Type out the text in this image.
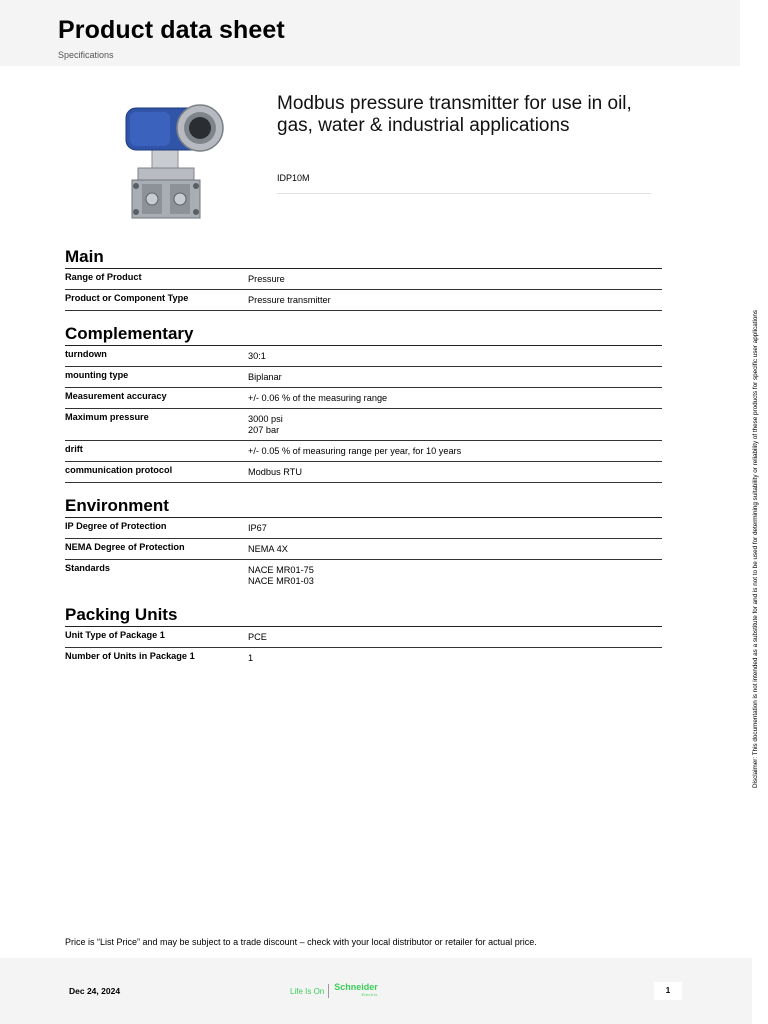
Product data sheet
Specifications
Modbus pressure transmitter for use in oil, gas, water & industrial applications
IDP10M
Main
Range of Product	Pressure
Product or Component Type	Pressure transmitter
Complementary
turndown	30:1
mounting type	Biplanar
Measurement accuracy	+/- 0.06 % of the measuring range
Maximum pressure	3000 psi
207 bar
drift	+/- 0.05 % of measuring range per year, for 10 years
communication protocol	Modbus RTU
Environment
IP Degree of Protection	IP67
NEMA Degree of Protection	NEMA 4X
Standards	NACE MR01-75
NACE MR01-03
Packing Units
Unit Type of Package 1	PCE
Number of Units in Package 1	1
Price is “List Price” and may be subject to a trade discount – check with your local distributor or retailer for actual price.
Dec 24, 2024	Life Is On Schneider
Electric	1
Disclaimer: This documentation is not intended as a substitute for and is not to be used for determining suitability or reliability of these products for specific user applications
